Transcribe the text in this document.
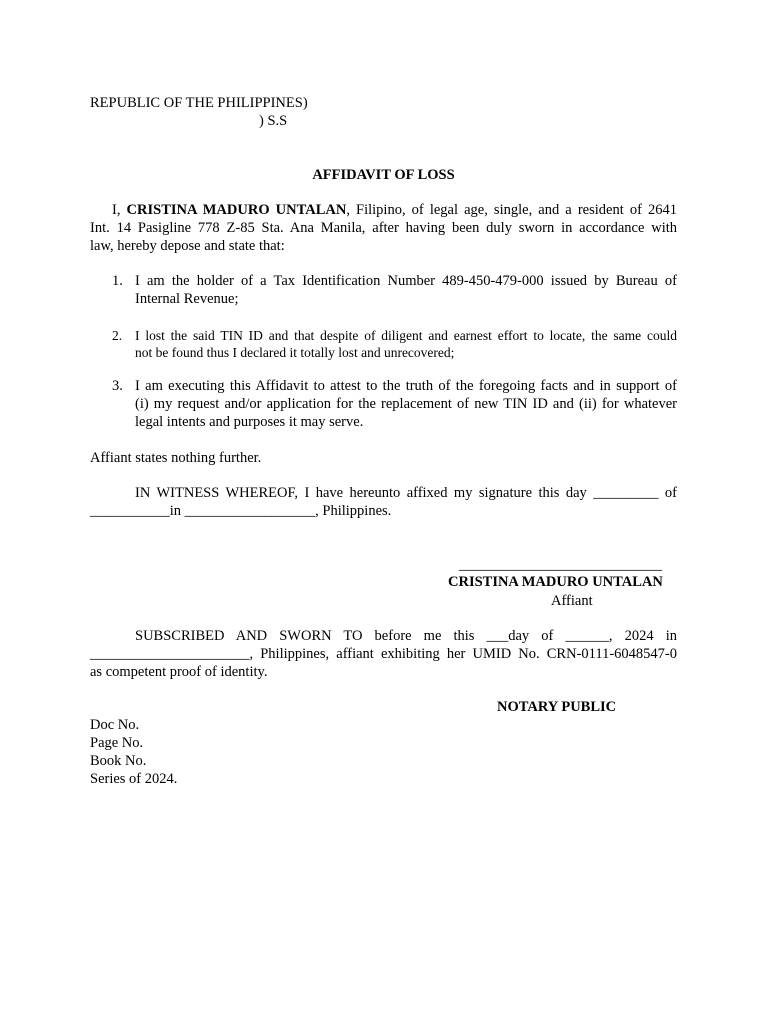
REPUBLIC OF THE PHILIPPINES)
) S.S
AFFIDAVIT OF LOSS
I, CRISTINA MADURO UNTALAN, Filipino, of legal age, single, and a resident of 2641
Int. 14 Pasigline 778 Z-85 Sta. Ana Manila, after having been duly sworn in accordance with
law, hereby depose and state that:
1. I am the holder of a Tax Identification Number 489-450-479-000 issued by Bureau of
Internal Revenue;
2. I lost the said TIN ID and that despite of diligent and earnest effort to locate, the same could
not be found thus I declared it totally lost and unrecovered;
3. I am executing this Affidavit to attest to the truth of the foregoing facts and in support of
(i) my request and/or application for the replacement of new TIN ID and (ii) for whatever
legal intents and purposes it may serve.
Affiant states nothing further.
IN WITNESS WHEREOF, I have hereunto affixed my signature this day _________ of
___________in __________________, Philippines.
____________________________
CRISTINA MADURO UNTALAN
Affiant
SUBSCRIBED AND SWORN TO before me this ___day of ______, 2024 in
______________________, Philippines, affiant exhibiting her UMID No. CRN-0111-6048547-0
as competent proof of identity.
NOTARY PUBLIC
Doc No.
Page No.
Book No.
Series of 2024.
